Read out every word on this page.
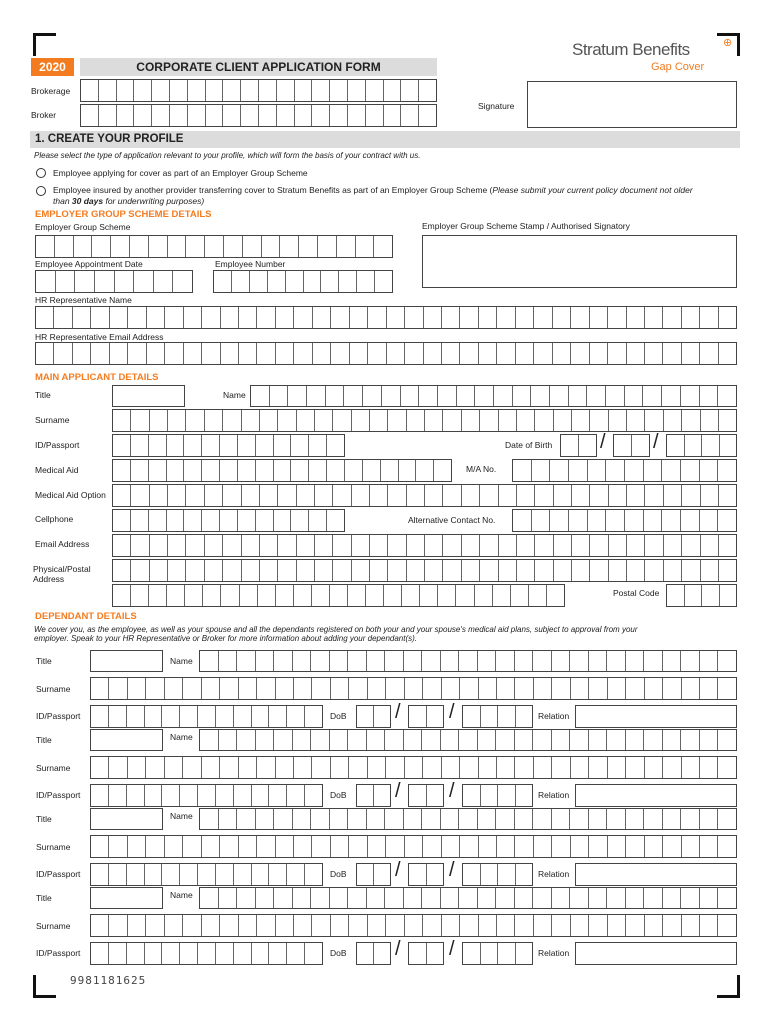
2020	CORPORATE CLIENT APPLICATION FORM
Stratum Benefits	⊕
Gap Cover
1. CREATE YOUR PROFILE
Please select the type of application relevant to your profile, which will form the basis of your contract with us.
Employee applying for cover as part of an Employer Group Scheme
Employee insured by another provider transferring cover to Stratum Benefits as part of an Employer Group Scheme (Please submit your current policy document not older
than 30 days for underwriting purposes)
9981181625
Brokerage
Broker
Signature
EMPLOYER GROUP SCHEME DETAILS
Employer Group Scheme	Employer Group Scheme Stamp / Authorised Signatory
Employee Appointment Date	Employee Number
HR Representative Name
HR Representative Email Address
MAIN APPLICANT DETAILS
Title	Name
Surname
ID/Passport	Date of Birth / /
Medical Aid	M/A No.
Medical Aid Option
Cellphone	Alternative Contact No.
Email Address
Physical/Postal
Address
Postal Code
DEPENDANT DETAILS
We cover you, as the employee, as well as your spouse and all the dependants registered on both your and your spouse's medical aid plans, subject to approval from your
employer. Speak to your HR Representative or Broker for more information about adding your dependant(s).
Title	Name
Surname
ID/Passport	DoB / /	Relation
Title	Name
Surname
ID/Passport	DoB / /	Relation
Title	Name
Surname
ID/Passport	DoB / /	Relation
Title	Name
Surname
ID/Passport	DoB / /	Relation
